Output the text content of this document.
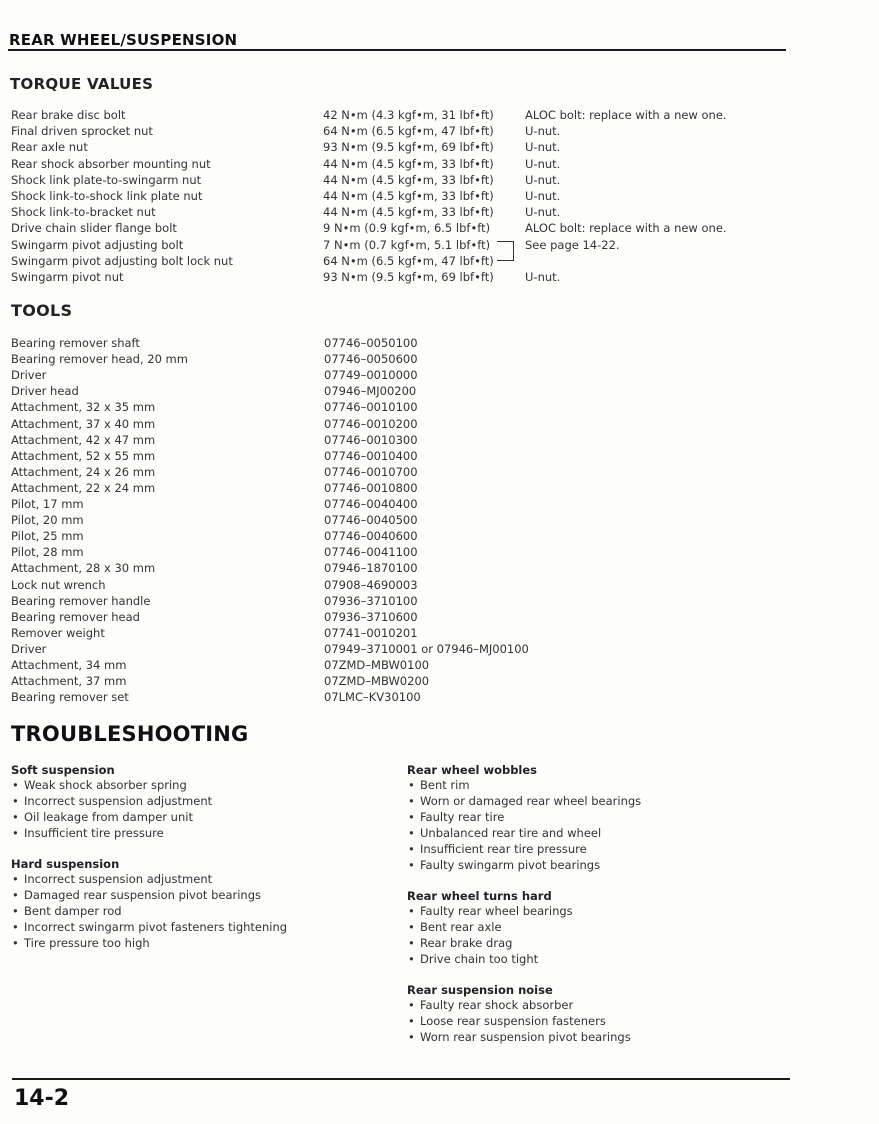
REAR WHEEL/SUSPENSION
TORQUE VALUES
Rear brake disc bolt	42 N•m (4.3 kgf•m, 31 lbf•ft)	ALOC bolt: replace with a new one.
Final driven sprocket nut	64 N•m (6.5 kgf•m, 47 lbf•ft)	U-nut.
Rear axle nut	93 N•m (9.5 kgf•m, 69 lbf•ft)	U-nut.
Rear shock absorber mounting nut	44 N•m (4.5 kgf•m, 33 lbf•ft)	U-nut.
Shock link plate-to-swingarm nut	44 N•m (4.5 kgf•m, 33 lbf•ft)	U-nut.
Shock link-to-shock link plate nut	44 N•m (4.5 kgf•m, 33 lbf•ft)	U-nut.
Shock link-to-bracket nut	44 N•m (4.5 kgf•m, 33 lbf•ft)	U-nut.
Drive chain slider flange bolt	9 N•m (0.9 kgf•m, 6.5 lbf•ft)	ALOC bolt: replace with a new one.
Swingarm pivot adjusting bolt	7 N•m (0.7 kgf•m, 5.1 lbf•ft)	See page 14-22.
Swingarm pivot adjusting bolt lock nut	64 N•m (6.5 kgf•m, 47 lbf•ft)
Swingarm pivot nut	93 N•m (9.5 kgf•m, 69 lbf•ft)	U-nut.
TOOLS
Bearing remover shaft	07746–0050100
Bearing remover head, 20 mm	07746–0050600
Driver	07749–0010000
Driver head	07946–MJ00200
Attachment, 32 x 35 mm	07746–0010100
Attachment, 37 x 40 mm	07746–0010200
Attachment, 42 x 47 mm	07746–0010300
Attachment, 52 x 55 mm	07746–0010400
Attachment, 24 x 26 mm	07746–0010700
Attachment, 22 x 24 mm	07746–0010800
Pilot, 17 mm	07746–0040400
Pilot, 20 mm	07746–0040500
Pilot, 25 mm	07746–0040600
Pilot, 28 mm	07746–0041100
Attachment, 28 x 30 mm	07946–1870100
Lock nut wrench	07908–4690003
Bearing remover handle	07936–3710100
Bearing remover head	07936–3710600
Remover weight	07741–0010201
Driver	07949–3710001 or 07946–MJ00100
Attachment, 34 mm	07ZMD–MBW0100
Attachment, 37 mm	07ZMD–MBW0200
Bearing remover set	07LMC–KV30100
TROUBLESHOOTING
Soft suspension
• Weak shock absorber spring
• Incorrect suspension adjustment
• Oil leakage from damper unit
• Insufficient tire pressure
Hard suspension
• Incorrect suspension adjustment
• Damaged rear suspension pivot bearings
• Bent damper rod
• Incorrect swingarm pivot fasteners tightening
• Tire pressure too high
Rear wheel wobbles
• Bent rim
• Worn or damaged rear wheel bearings
• Faulty rear tire
• Unbalanced rear tire and wheel
• Insufficient rear tire pressure
• Faulty swingarm pivot bearings
Rear wheel turns hard
• Faulty rear wheel bearings
• Bent rear axle
• Rear brake drag
• Drive chain too tight
Rear suspension noise
• Faulty rear shock absorber
• Loose rear suspension fasteners
• Worn rear suspension pivot bearings
14-2
